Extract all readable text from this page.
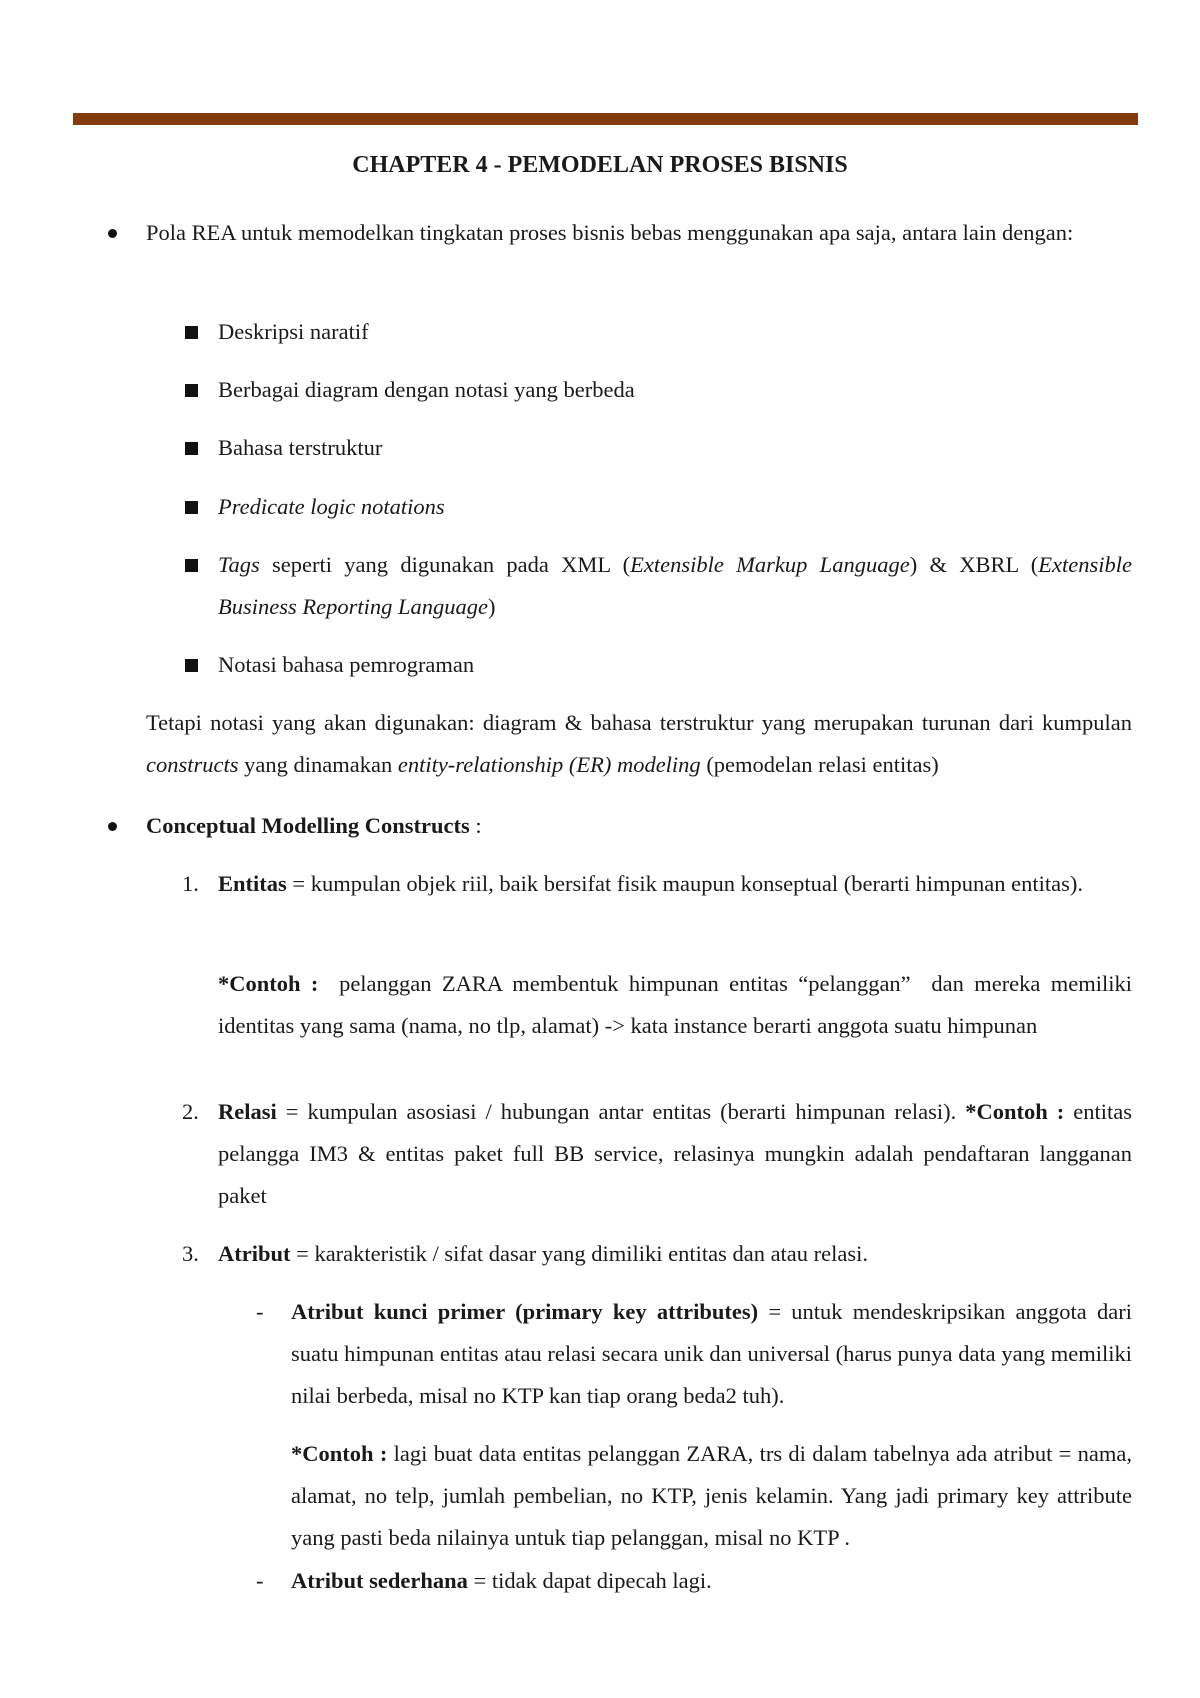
CHAPTER 4 - PEMODELAN PROSES BISNIS
Pola REA untuk memodelkan tingkatan proses bisnis bebas menggunakan apa saja, antara lain dengan:
Deskripsi naratif
Berbagai diagram dengan notasi yang berbeda
Bahasa terstruktur
Predicate logic notations
Tags seperti yang digunakan pada XML (Extensible Markup Language) & XBRL (Extensible Business Reporting Language)
Notasi bahasa pemrograman
Tetapi notasi yang akan digunakan: diagram & bahasa terstruktur yang merupakan turunan dari kumpulan constructs yang dinamakan entity-relationship (ER) modeling (pemodelan relasi entitas)
Conceptual Modelling Constructs :
1. Entitas = kumpulan objek riil, baik bersifat fisik maupun konseptual (berarti himpunan entitas).
*Contoh :  pelanggan ZARA membentuk himpunan entitas “pelanggan”  dan mereka memiliki identitas yang sama (nama, no tlp, alamat) -> kata instance berarti anggota suatu himpunan
2. Relasi = kumpulan asosiasi / hubungan antar entitas (berarti himpunan relasi). *Contoh : entitas pelangga IM3 & entitas paket full BB service, relasinya mungkin adalah pendaftaran langganan paket
3. Atribut = karakteristik / sifat dasar yang dimiliki entitas dan atau relasi.
- Atribut kunci primer (primary key attributes) = untuk mendeskripsikan anggota dari suatu himpunan entitas atau relasi secara unik dan universal (harus punya data yang memiliki nilai berbeda, misal no KTP kan tiap orang beda2 tuh).
*Contoh : lagi buat data entitas pelanggan ZARA, trs di dalam tabelnya ada atribut = nama, alamat, no telp, jumlah pembelian, no KTP, jenis kelamin. Yang jadi primary key attribute yang pasti beda nilainya untuk tiap pelanggan, misal no KTP .
- Atribut sederhana = tidak dapat dipecah lagi.
